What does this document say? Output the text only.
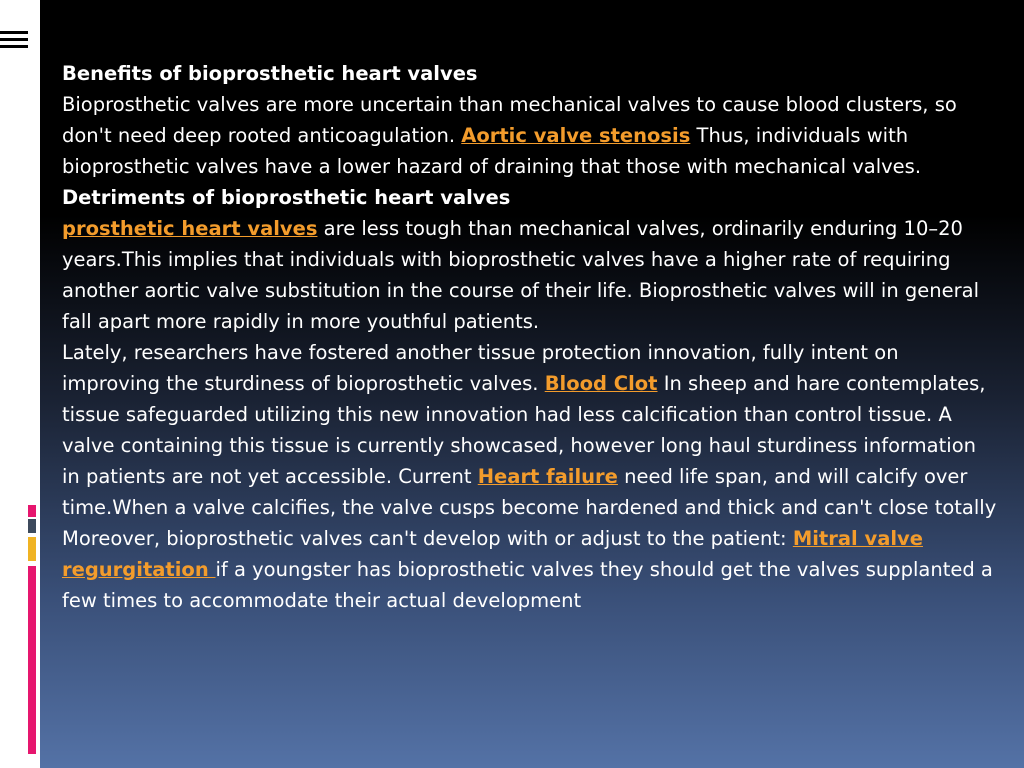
Benefits of bioprosthetic heart valves

Bioprosthetic valves are more uncertain than mechanical valves to cause blood clusters, so don't need deep rooted anticoagulation. Aortic valve stenosis Thus, individuals with bioprosthetic valves have a lower hazard of draining that those with mechanical valves.

Detriments of bioprosthetic heart valves

prosthetic heart valves are less tough than mechanical valves, ordinarily enduring 10–20 years.This implies that individuals with bioprosthetic valves have a higher rate of requiring another aortic valve substitution in the course of their life. Bioprosthetic valves will in general fall apart more rapidly in more youthful patients.

Lately, researchers have fostered another tissue protection innovation, fully intent on improving the sturdiness of bioprosthetic valves. Blood Clot In sheep and hare contemplates, tissue safeguarded utilizing this new innovation had less calcification than control tissue. A valve containing this tissue is currently showcased, however long haul sturdiness information in patients are not yet accessible. Current Heart failure need life span, and will calcify over time.When a valve calcifies, the valve cusps become hardened and thick and can't close totally Moreover, bioprosthetic valves can't develop with or adjust to the patient: Mitral valve regurgitation if a youngster has bioprosthetic valves they should get the valves supplanted a few times to accommodate their actual development
